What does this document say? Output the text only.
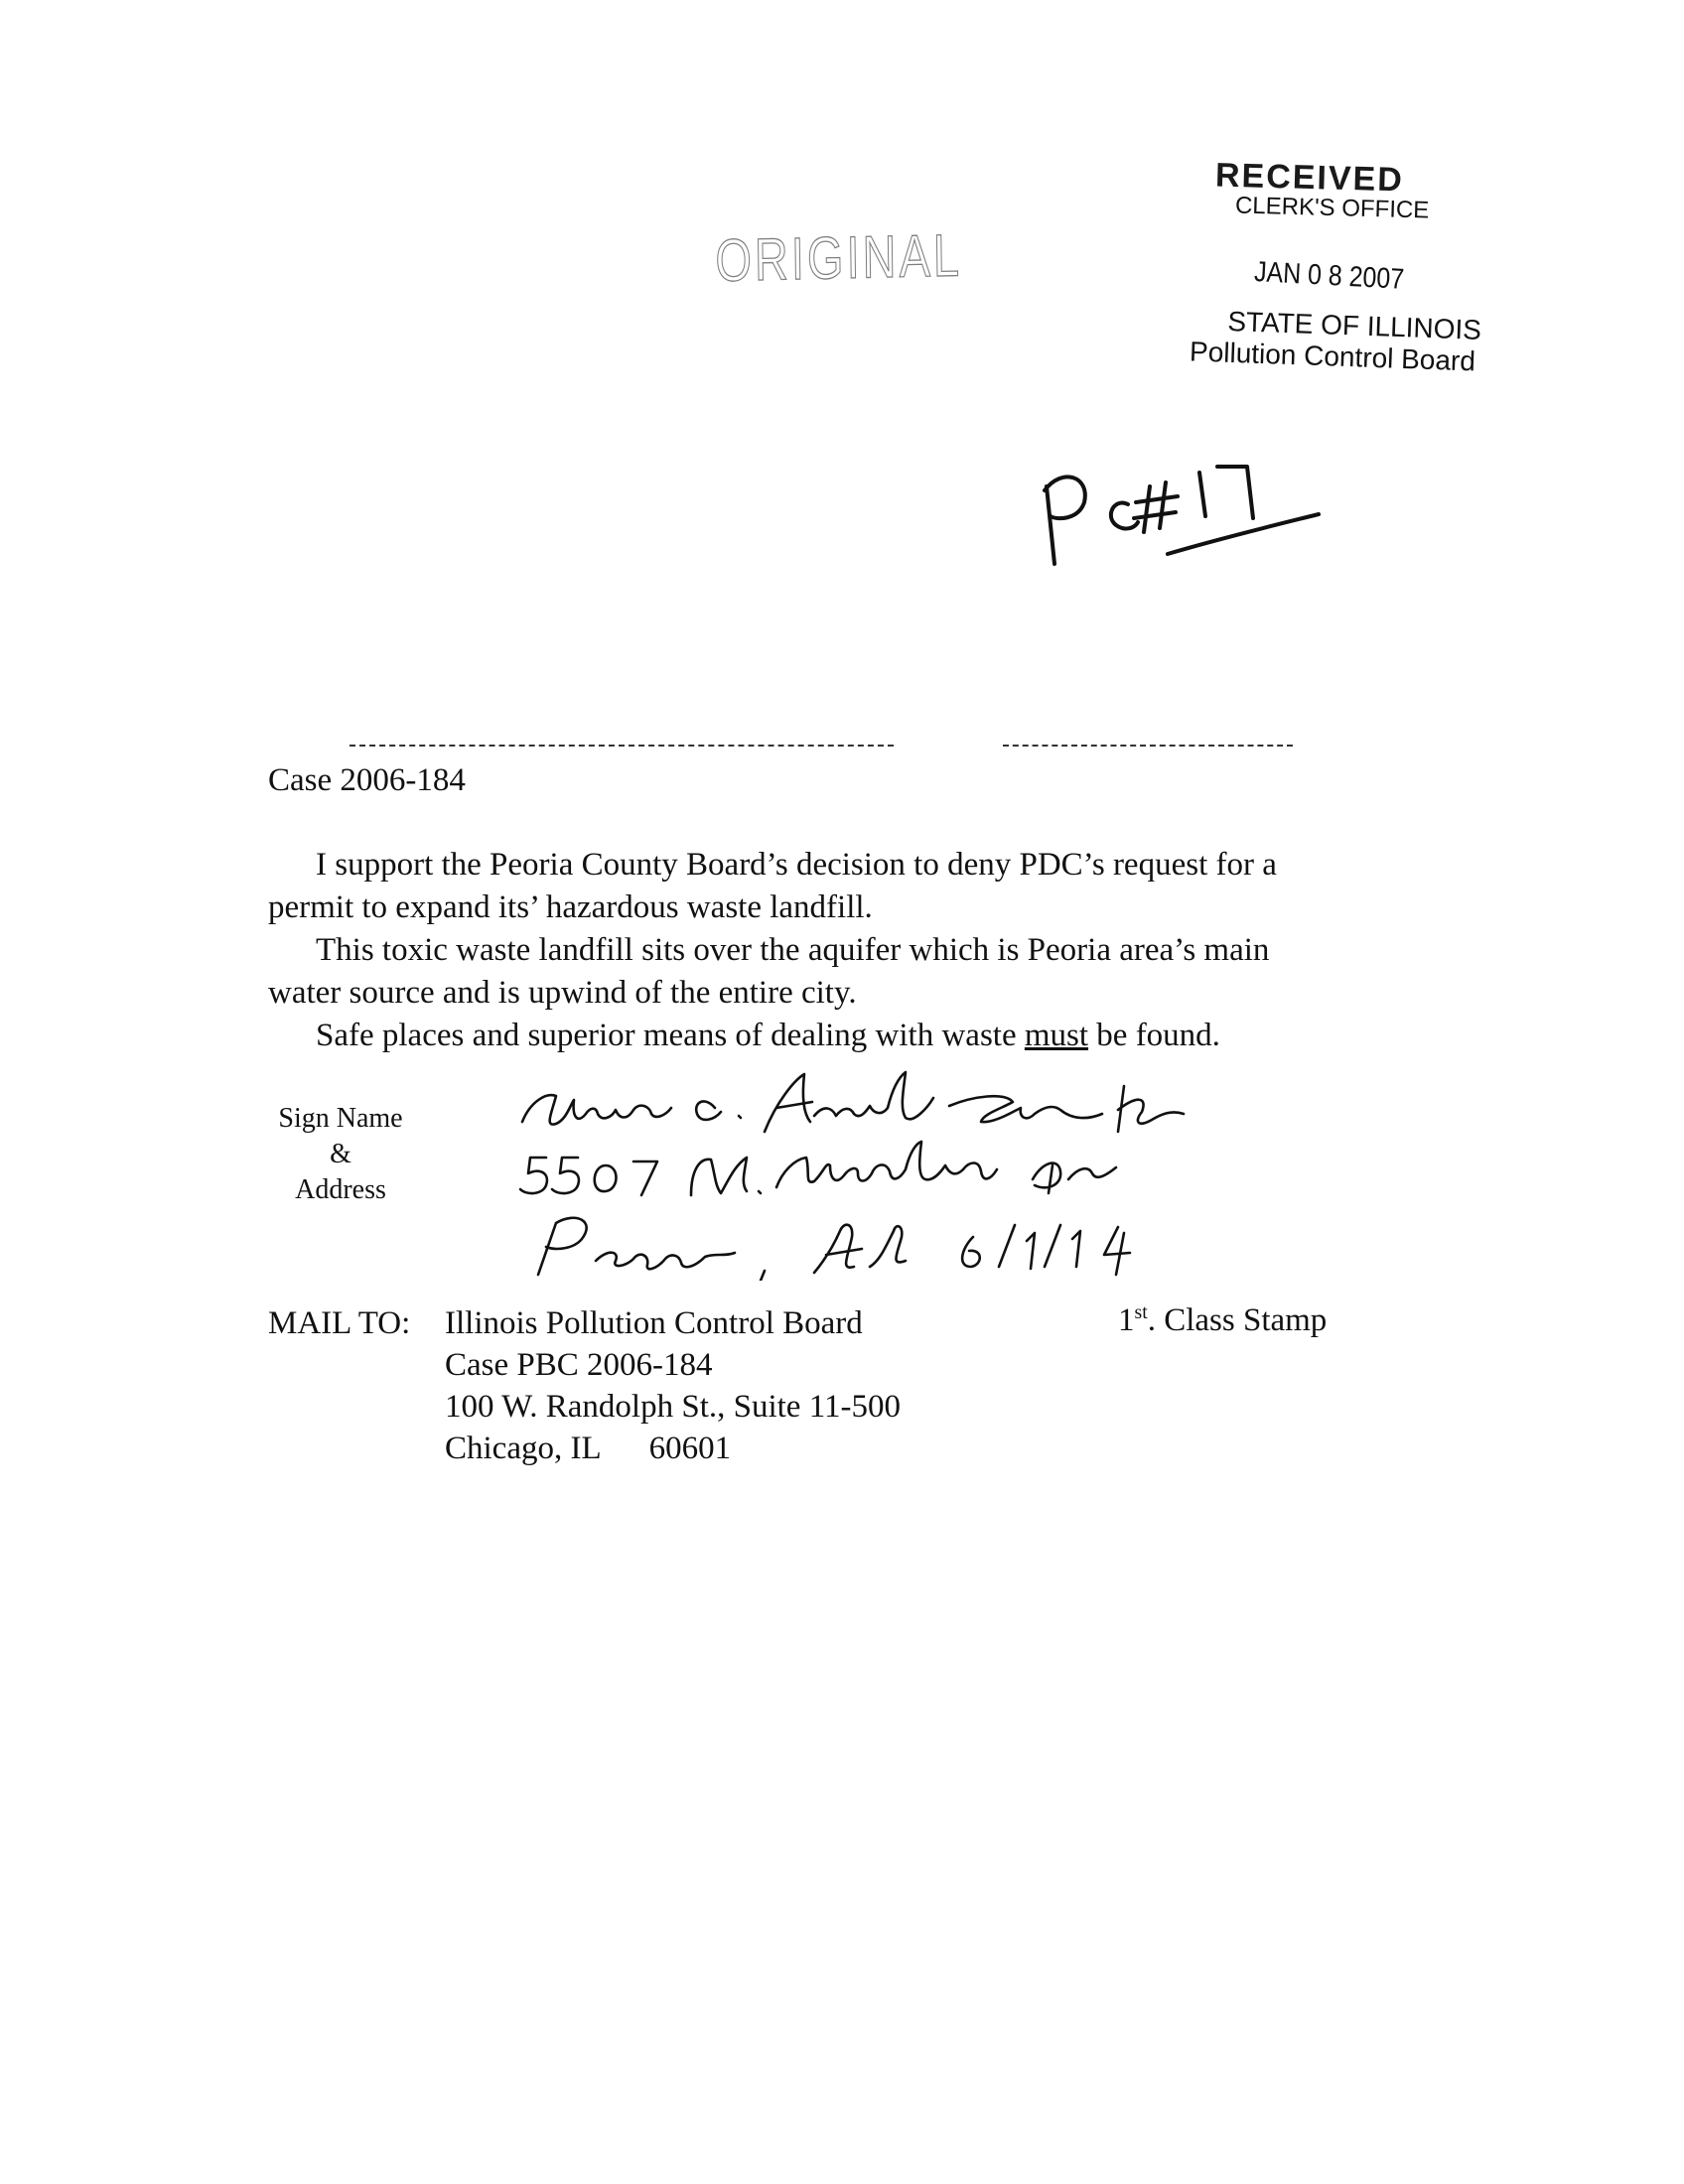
RECEIVED
CLERK'S OFFICE
JAN 0 8 2007
STATE OF ILLINOIS
Pollution Control Board
ORIGINAL
Case 2006-184

I support the Peoria County Board’s decision to deny PDC’s request for a

permit to expand its’ hazardous waste landfill.

This toxic waste landfill sits over the aquifer which is Peoria area’s main

water source and is upwind of the entire city.

Safe places and superior means of dealing with waste must be found.

Sign Name
&
Address
MAIL TO: Illinois Pollution Control Board
Case PBC 2006-184
100 W. Randolph St., Suite 11-500
Chicago, IL 60601
1st. Class Stamp
